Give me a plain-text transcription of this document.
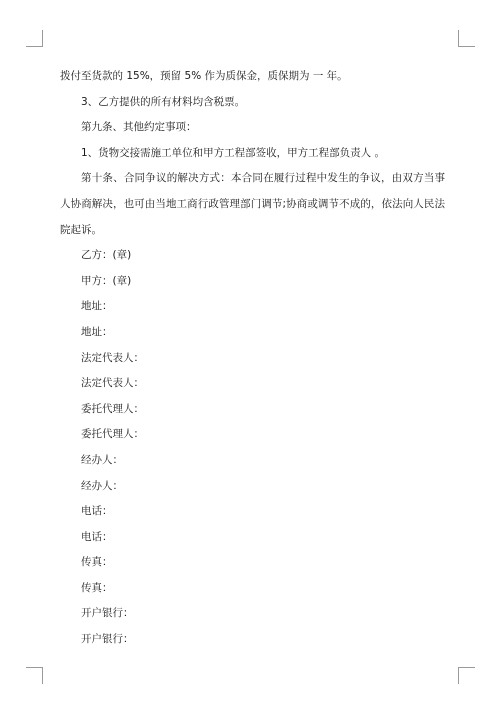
拨付至货款的 15%，预留 5% 作为质保金，质保期为 一 年。

3、乙方提供的所有材料均含税票。

第九条、其他约定事项：

1、货物交接需施工单位和甲方工程部签收，甲方工程部负责人 。

第十条、合同争议的解决方式：本合同在履行过程中发生的争议，由双方当事人协商解决，也可由当地工商行政管理部门调节;协商或调节不成的，依法向人民法院起诉。

乙方：(章)

甲方：(章)

地址：

地址：

法定代表人：

法定代表人：

委托代理人：

委托代理人：

经办人：

经办人：

电话：

电话：

传真：

传真：

开户银行：

开户银行：
